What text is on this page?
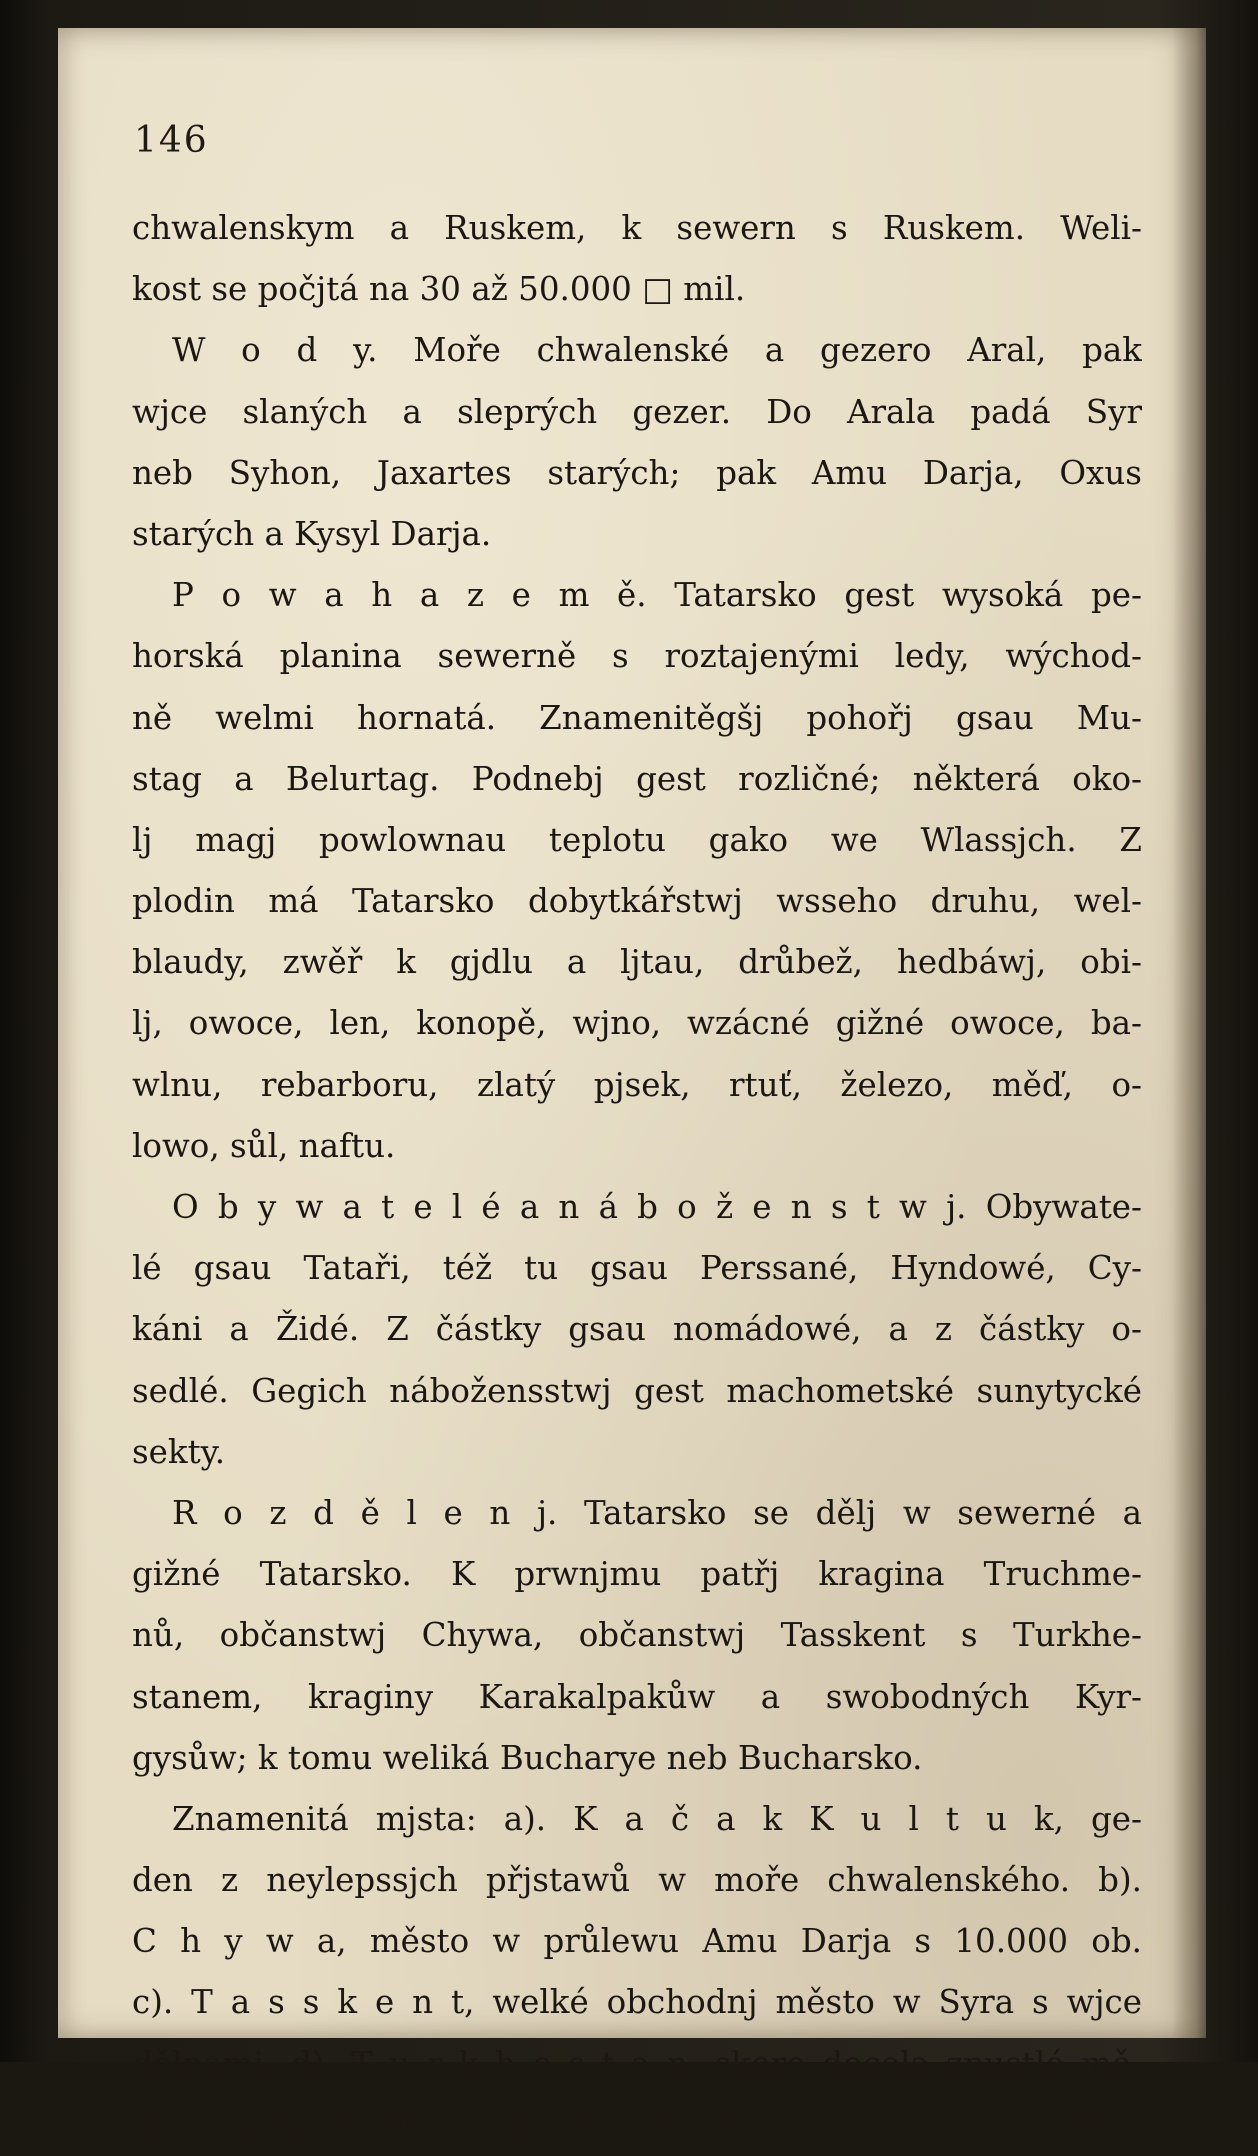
146
chwalenskym a Ruskem, k sewern s Ruskem. Weli-
kost se počjtá na 30 až 50.000 □ mil.
W o d y. Moře chwalenské a gezero Aral, pak
wjce slaných a sleprých gezer. Do Arala padá Syr
neb Syhon, Jaxartes starých; pak Amu Darja, Oxus
starých a Kysyl Darja.
P o w a h a z e m ě. Tatarsko gest wysoká pe-
horská planina sewerně s roztajenými ledy, wýchod-
ně welmi hornatá. Znamenitěgšj pohořj gsau Mu-
stag a Belurtag. Podnebj gest rozličné; některá oko-
lj magj powlownau teplotu gako we Wlassjch. Z
plodin má Tatarsko dobytkářstwj wsseho druhu, wel-
blaudy, zwěř k gjdlu a ljtau, drůbež, hedbáwj, obi-
lj, owoce, len, konopě, wjno, wzácné gižné owoce, ba-
wlnu, rebarboru, zlatý pjsek, rtuť, železo, měď, o-
lowo, sůl, naftu.
O b y w a t e l é a n á b o ž e n s t w j. Obywate-
lé gsau Tataři, též tu gsau Perssané, Hyndowé, Cy-
káni a Židé. Z částky gsau nomádowé, a z částky o-
sedlé. Gegich nábožensstwj gest machometské sunytycké
sekty.
R o z d ě l e n j. Tatarsko se dělj w sewerné a
gižné Tatarsko. K prwnjmu patřj kragina Truchme-
nů, občanstwj Chywa, občanstwj Tasskent s Turkhe-
stanem, kraginy Karakalpakůw a swobodných Kyr-
gysůw; k tomu weliká Bucharye neb Bucharsko.
Znamenitá mjsta: a). K a č a k K u l t u k, ge-
den z neylepssjch přjstawů w moře chwalenského. b).
C h y w a, město w průlewu Amu Darja s 10.000 ob.
c). T a s s k e n t, welké obchodnj město w Syra s wjce
dělnami. d). T u r k h e s t a n, skoro docela zpustlé mě-
sto, swatyně Machometánů. e). B u c h a r a, welké
